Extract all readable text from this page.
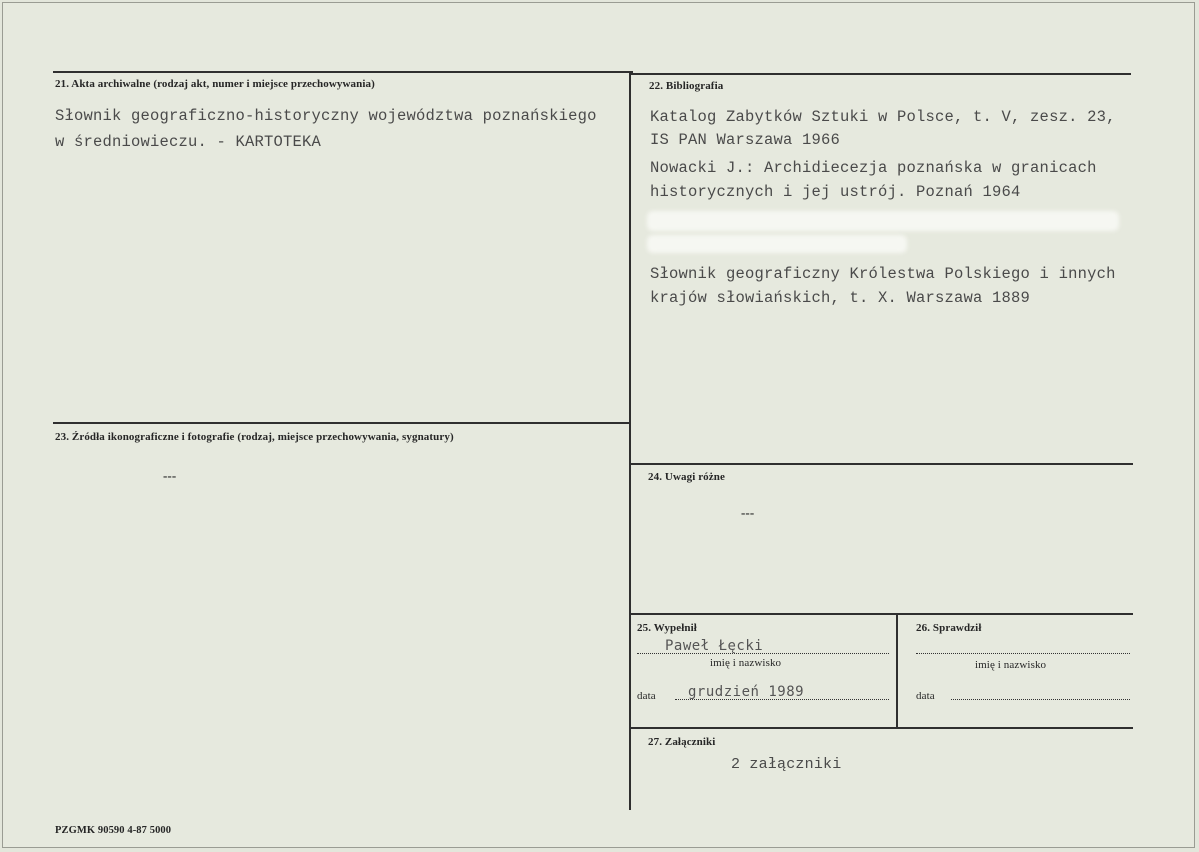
21. Akta archiwalne (rodzaj akt, numer i miejsce przechowywania)
Słownik geograficzno-historyczny województwa poznańskiego
w średniowieczu. - KARTOTEKA
22. Bibliografia
Katalog Zabytków Sztuki w Polsce, t. V, zesz. 23,
IS PAN Warszawa 1966
Nowacki J.: Archidiecezja poznańska w granicach
historycznych i jej ustrój. Poznań 1964
Słownik geograficzny Królestwa Polskiego i innych
krajów słowiańskich, t. X. Warszawa 1889
23. Źródła ikonograficzne i fotografie (rodzaj, miejsce przechowywania, sygnatury)
---	24. Uwagi różne
---
25. Wypełnił
Paweł Łęcki
imię i nazwisko
data grudzień 1989
26. Sprawdził
imię i nazwisko
data
27. Załączniki
2 załączniki
PZGMK 90590 4-87 5000
